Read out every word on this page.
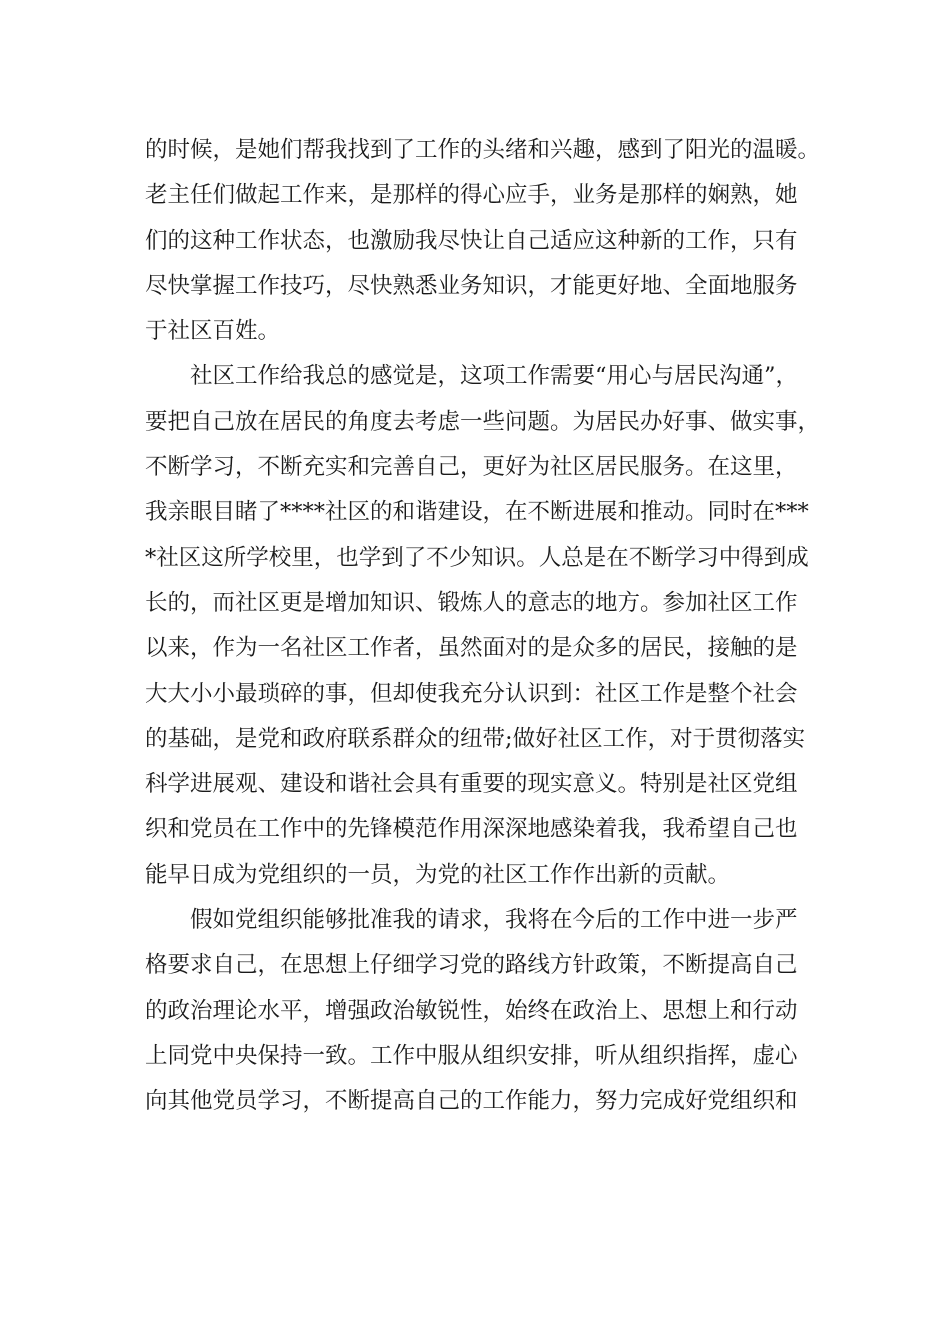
的时候，是她们帮我找到了工作的头绪和兴趣，感到了阳光的温暖。
老主任们做起工作来，是那样的得心应手，业务是那样的娴熟，她
们的这种工作状态，也激励我尽快让自己适应这种新的工作，只有
尽快掌握工作技巧，尽快熟悉业务知识，才能更好地、全面地服务
于社区百姓。
　　社区工作给我总的感觉是，这项工作需要“用心与居民沟通”，
要把自己放在居民的角度去考虑一些问题。为居民办好事、做实事，
不断学习，不断充实和完善自己，更好为社区居民服务。在这里，
我亲眼目睹了****社区的和谐建设，在不断进展和推动。同时在***
*社区这所学校里，也学到了不少知识。人总是在不断学习中得到成
长的，而社区更是增加知识、锻炼人的意志的地方。参加社区工作
以来，作为一名社区工作者，虽然面对的是众多的居民，接触的是
大大小小最琐碎的事，但却使我充分认识到：社区工作是整个社会
的基础，是党和政府联系群众的纽带;做好社区工作，对于贯彻落实
科学进展观、建设和谐社会具有重要的现实意义。特别是社区党组
织和党员在工作中的先锋模范作用深深地感染着我，我希望自己也
能早日成为党组织的一员，为党的社区工作作出新的贡献。
　　假如党组织能够批准我的请求，我将在今后的工作中进一步严
格要求自己，在思想上仔细学习党的路线方针政策，不断提高自己
的政治理论水平，增强政治敏锐性，始终在政治上、思想上和行动
上同党中央保持一致。工作中服从组织安排，听从组织指挥，虚心
向其他党员学习，不断提高自己的工作能力，努力完成好党组织和
